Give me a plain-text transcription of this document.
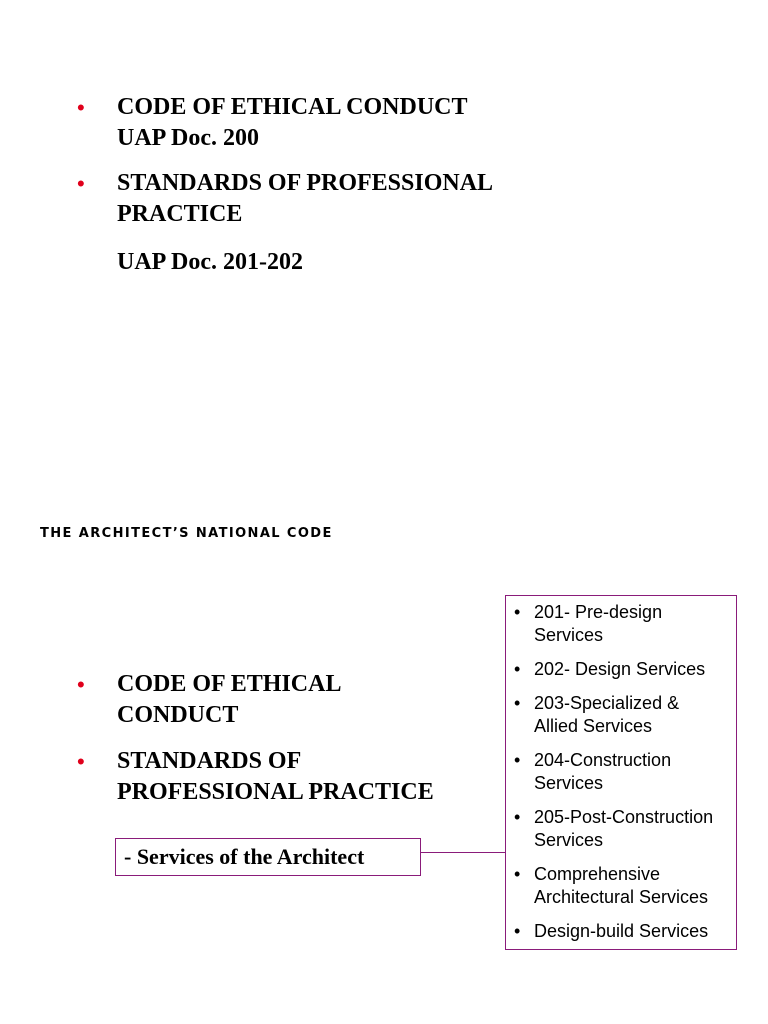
• CODE OF ETHICAL CONDUCT
UAP Doc. 200
• STANDARDS OF PROFESSIONAL
PRACTICE
UAP Doc. 201-202
THE ARCHITECT’S NATIONAL CODE
• CODE OF ETHICAL
CONDUCT
• STANDARDS OF
PROFESSIONAL PRACTICE
- Services of the Architect
• 201- Pre-design
Services
• 202- Design Services
• 203-Specialized &
Allied Services
• 204-Construction
Services
• 205-Post-Construction
Services
• Comprehensive
Architectural Services
• Design-build Services
